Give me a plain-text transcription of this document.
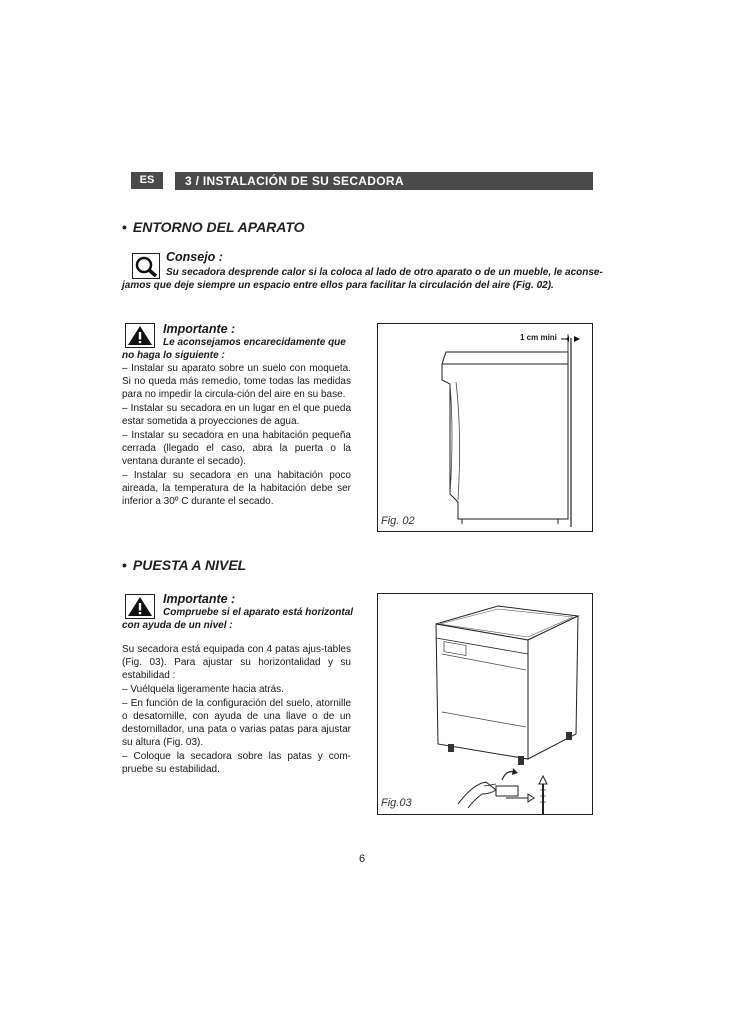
ES	3 / INSTALACIÓN DE SU SECADORA
• ENTORNO DEL APARATO
Consejo :
Su secadora desprende calor si la coloca al lado de otro aparato o de un mueble, le aconse-
jamos que deje siempre un espacio entre ellos para facilitar la circulación del aire (Fig. 02).
Importante :
Le aconsejamos encarecidamente que
no haga lo siguiente :

– Instalar su aparato sobre un suelo con moqueta. Si no queda más remedio, tome todas las medidas para no impedir la circula-ción del aire en su base.

– Instalar su secadora en un lugar en el que pueda estar sometida a proyecciones de agua.

– Instalar su secadora en una habitación pequeña cerrada (llegado el caso, abra la puerta o la ventana durante el secado).

– Instalar su secadora en una habitación poco aireada, la temperatura de la habitación debe ser inferior a 30º C durante el secado.

1 cm mini
Fig. 02
• PUESTA A NIVEL
Importante :
Compruebe si el aparato está horizontal
con ayuda de un nivel :

Su secadora está equipada con 4 patas ajus-tables (Fig. 03). Para ajustar su horizontalidad y su estabilidad :

– Vuélquela ligeramente hacia atrás.

– En función de la configuración del suelo, atornille o desatornille, con ayuda de una llave o de un destornillador, una pata o varias patas para ajustar su altura (Fig. 03).

– Coloque la secadora sobre las patas y com-pruebe su estabilidad.

Fig.03
6
